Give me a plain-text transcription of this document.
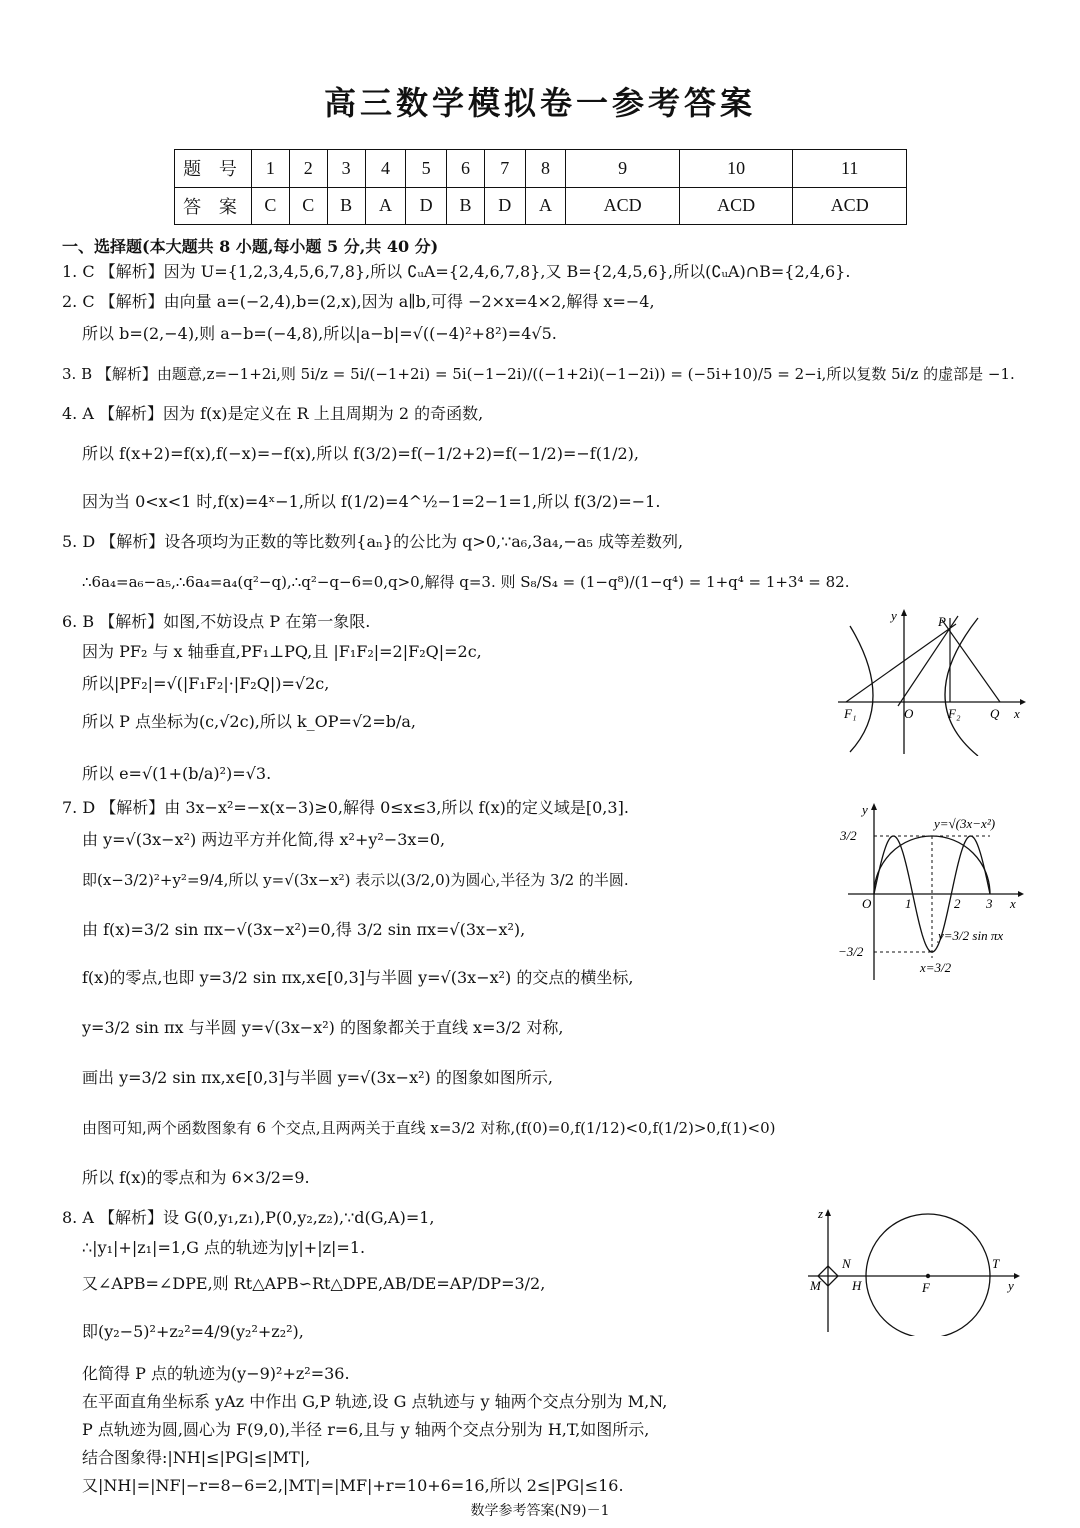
高三数学模拟卷一参考答案
题 号	1	2	3	4	5	6	7	8	9	10	11
答 案	C	C	B	A	D	B	D	A	ACD	ACD	ACD
一、选择题(本大题共 8 小题,每小题 5 分,共 40 分)
1. C 【解析】因为 U={1,2,3,4,5,6,7,8},所以 ∁ᵤA={2,4,6,7,8},又 B={2,4,5,6},所以(∁ᵤA)∩B={2,4,6}.
2. C 【解析】由向量 a=(−2,4),b=(2,x),因为 a∥b,可得 −2×x=4×2,解得 x=−4,
所以 b=(2,−4),则 a−b=(−4,8),所以|a−b|=√((−4)²+8²)=4√5.
3. B 【解析】由题意,z=−1+2i,则 5i/z = 5i/(−1+2i) = 5i(−1−2i)/((−1+2i)(−1−2i)) = (−5i+10)/5 = 2−i,所以复数 5i/z 的虚部是 −1.
4. A 【解析】因为 f(x)是定义在 R 上且周期为 2 的奇函数,
所以 f(x+2)=f(x),f(−x)=−f(x),所以 f(3/2)=f(−1/2+2)=f(−1/2)=−f(1/2),
因为当 0<x<1 时,f(x)=4ˣ−1,所以 f(1/2)=4^½−1=2−1=1,所以 f(3/2)=−1.
5. D 【解析】设各项均为正数的等比数列{aₙ}的公比为 q>0,∵a₆,3a₄,−a₅ 成等差数列,
∴6a₄=a₆−a₅,∴6a₄=a₄(q²−q),∴q²−q−6=0,q>0,解得 q=3. 则 S₈/S₄ = (1−q⁸)/(1−q⁴) = 1+q⁴ = 1+3⁴ = 82.
6. B 【解析】如图,不妨设点 P 在第一象限.
因为 PF₂ 与 x 轴垂直,PF₁⊥PQ,且 |F₁F₂|=2|F₂Q|=2c,
所以|PF₂|=√(|F₁F₂|·|F₂Q|)=√2c,
所以 P 点坐标为(c,√2c),所以 k_OP=√2=b/a,
所以 e=√(1+(b/a)²)=√3.
7. D 【解析】由 3x−x²=−x(x−3)≥0,解得 0≤x≤3,所以 f(x)的定义域是[0,3].
由 y=√(3x−x²) 两边平方并化简,得 x²+y²−3x=0,
即(x−3/2)²+y²=9/4,所以 y=√(3x−x²) 表示以(3/2,0)为圆心,半径为 3/2 的半圆.
由 f(x)=3/2 sin πx−√(3x−x²)=0,得 3/2 sin πx=√(3x−x²),
f(x)的零点,也即 y=3/2 sin πx,x∈[0,3]与半圆 y=√(3x−x²) 的交点的横坐标,
y=3/2 sin πx 与半圆 y=√(3x−x²) 的图象都关于直线 x=3/2 对称,
画出 y=3/2 sin πx,x∈[0,3]与半圆 y=√(3x−x²) 的图象如图所示,
由图可知,两个函数图象有 6 个交点,且两两关于直线 x=3/2 对称,(f(0)=0,f(1/12)<0,f(1/2)>0,f(1)<0)
所以 f(x)的零点和为 6×3/2=9.
8. A 【解析】设 G(0,y₁,z₁),P(0,y₂,z₂),∵d(G,A)=1,
∴|y₁|+|z₁|=1,G 点的轨迹为|y|+|z|=1.
又∠APB=∠DPE,则 Rt△APB∽Rt△DPE,AB/DE=AP/DP=3/2,
即(y₂−5)²+z₂²=4/9(y₂²+z₂²),
化简得 P 点的轨迹为(y−9)²+z²=36.
在平面直角坐标系 yAz 中作出 G,P 轨迹,设 G 点轨迹与 y 轴两个交点分别为 M,N,
P 点轨迹为圆,圆心为 F(9,0),半径 r=6,且与 y 轴两个交点分别为 H,T,如图所示,
结合图象得:|NH|≤|PG|≤|MT|,
又|NH|=|NF|−r=8−6=2,|MT|=|MF|+r=10+6=16,所以 2≤|PG|≤16.
y	P
F₁	O	F₂ Q x
y
3/2
y=√(3x−x²)
O	1	2 3 x
−3/2
y=3/2 sin πx
x=3/2
z
M
N
H	F
T
y
数学参考答案(N9)－1
